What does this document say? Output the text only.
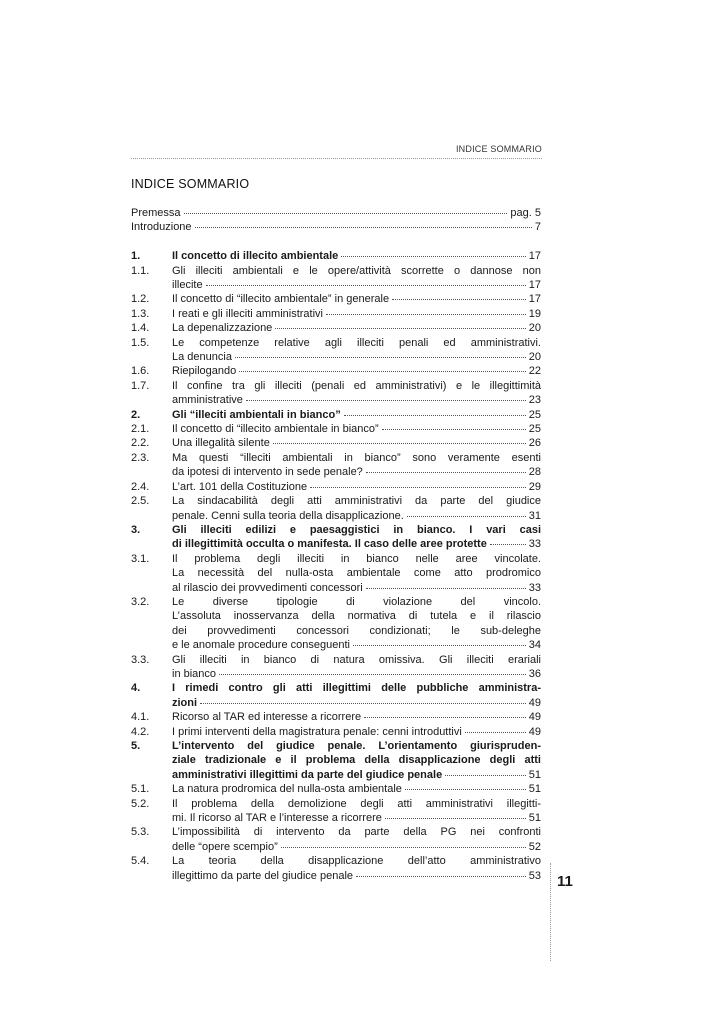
INDICE SOMMARIO
INDICE SOMMARIO
Premessa	pag. 5
Introduzione	7
1.	Il concetto di illecito ambientale	17
1.1.	Gli illeciti ambientali e le opere/attività scorrette o dannose non
illecite	17
1.2.	Il concetto di “illecito ambientale” in generale	17
1.3.	I reati e gli illeciti amministrativi	19
1.4.	La depenalizzazione	20
1.5.	Le competenze relative agli illeciti penali ed amministrativi.
La denuncia	20
1.6.	Riepilogando	22
1.7.	Il confine tra gli illeciti (penali ed amministrativi) e le illegittimità
amministrative	23
2.	Gli “illeciti ambientali in bianco”	25
2.1.	Il concetto di “illecito ambientale in bianco”	25
2.2.	Una illegalità silente	26
2.3.	Ma questi “illeciti ambientali in bianco” sono veramente esenti
da ipotesi di intervento in sede penale?	28
2.4.	L’art. 101 della Costituzione	29
2.5.	La sindacabilità degli atti amministrativi da parte del giudice
penale. Cenni sulla teoria della disapplicazione.	31
3.	Gli illeciti edilizi e paesaggistici in bianco. I vari casi
di illegittimità occulta o manifesta. Il caso delle aree protette	33
3.1.	Il problema degli illeciti in bianco nelle aree vincolate.
La necessità del nulla-osta ambientale come atto prodromico
al rilascio dei provvedimenti concessori	33
3.2.	Le diverse tipologie di violazione del vincolo.
L’assoluta inosservanza della normativa di tutela e il rilascio
dei provvedimenti concessori condizionati; le sub-deleghe
e le anomale procedure conseguenti	34
3.3.	Gli illeciti in bianco di natura omissiva. Gli illeciti erariali
in bianco	36
4.	I rimedi contro gli atti illegittimi delle pubbliche amministra-
zioni	49
4.1.	Ricorso al TAR ed interesse a ricorrere	49
4.2.	I primi interventi della magistratura penale: cenni introduttivi	49
5.	L’intervento del giudice penale. L’orientamento giurispruden-
ziale tradizionale e il problema della disapplicazione degli atti
amministrativi illegittimi da parte del giudice penale	51
5.1.	La natura prodromica del nulla-osta ambientale	51
5.2.	Il problema della demolizione degli atti amministrativi illegitti-
mi. Il ricorso al TAR e l’interesse a ricorrere	51
5.3.	L’impossibilità di intervento da parte della PG nei confronti
delle “opere scempio”	52
5.4.	La teoria della disapplicazione dell’atto amministrativo
illegittimo da parte del giudice penale	53 11
